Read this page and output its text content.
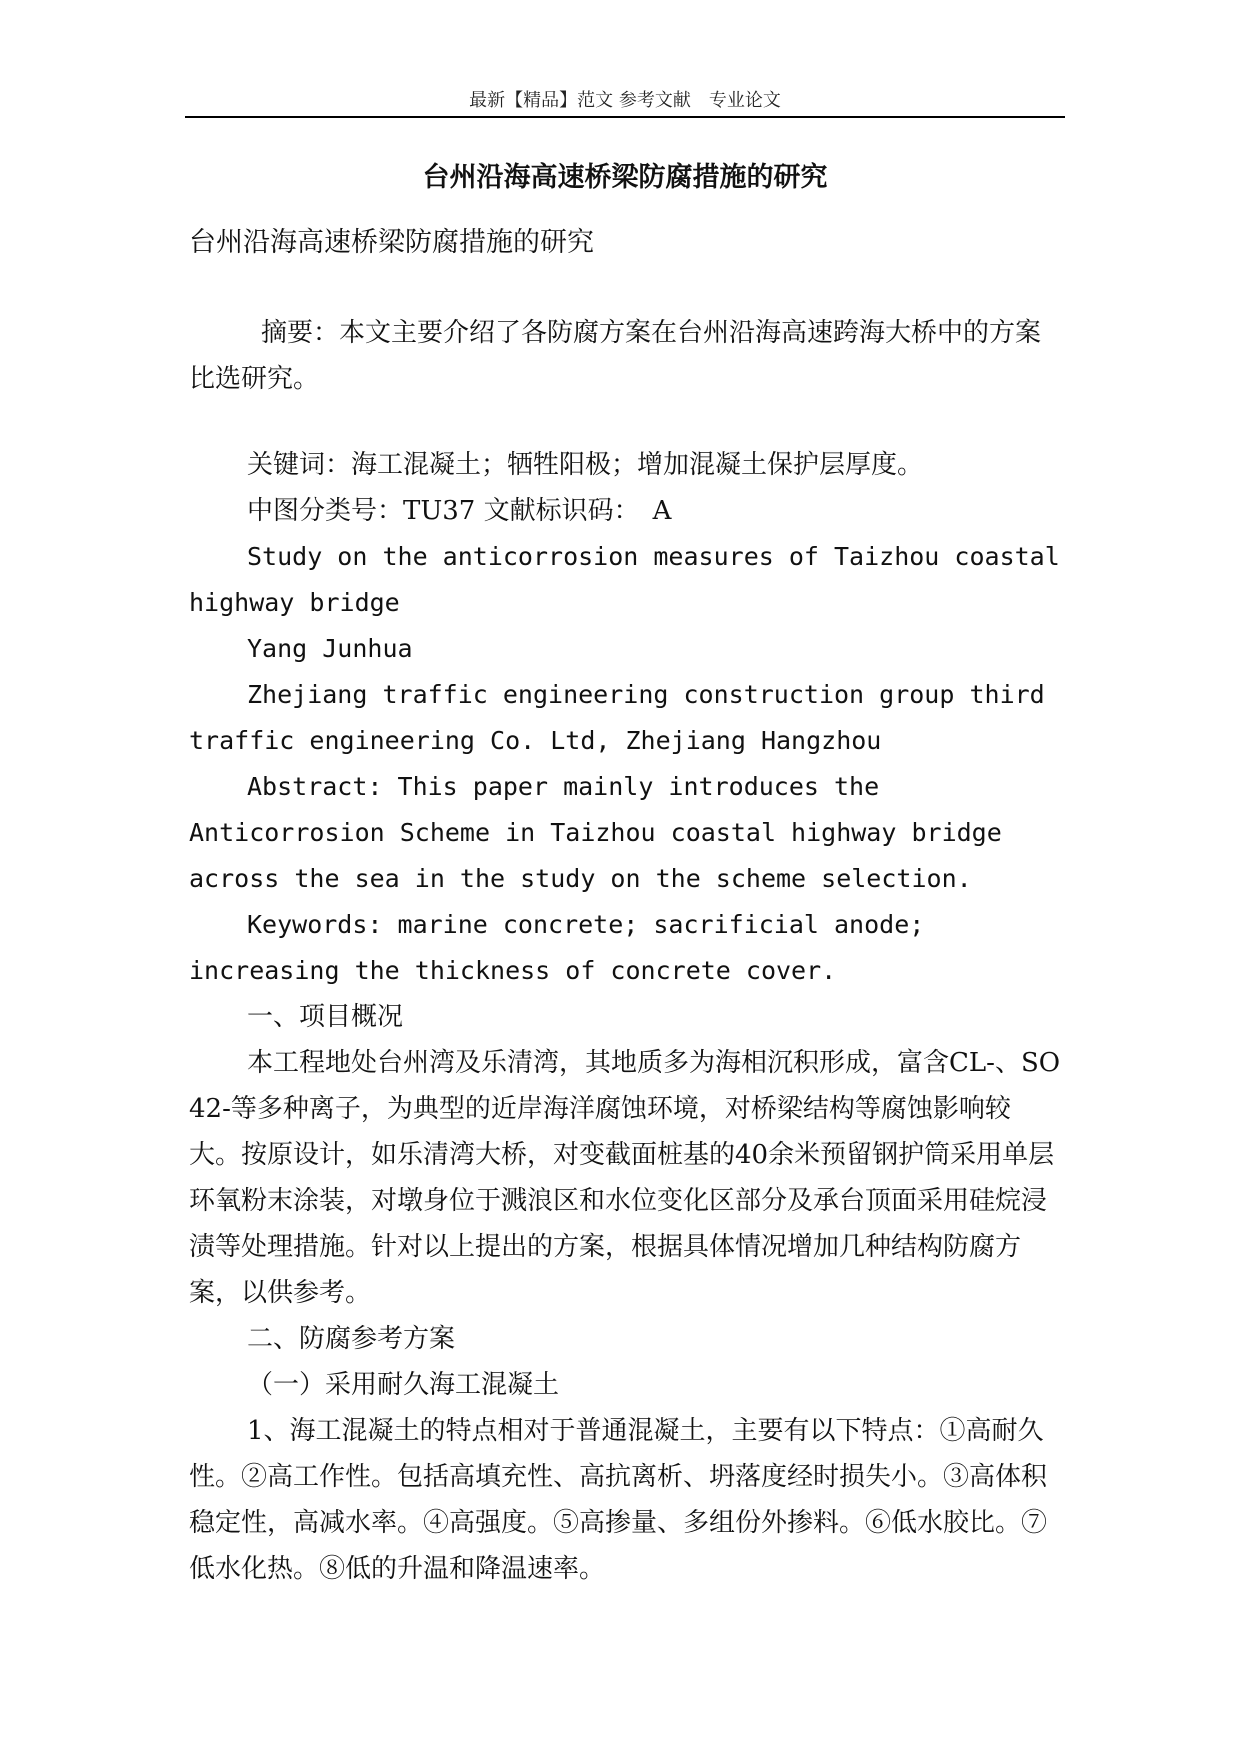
最新【精品】范文 参考文献　专业论文
台州沿海高速桥梁防腐措施的研究

台州沿海高速桥梁防腐措施的研究

摘要：本文主要介绍了各防腐方案在台州沿海高速跨海大桥中的方案比选研究。

关键词：海工混凝土；牺牲阳极；增加混凝土保护层厚度。

中图分类号：TU37 文献标识码：　A

Study on the anticorrosion measures of Taizhou coastal highway bridge

Yang Junhua

Zhejiang traffic engineering construction group third traffic engineering Co. Ltd, Zhejiang Hangzhou

Abstract: This paper mainly introduces the Anticorrosion Scheme in Taizhou coastal highway bridge across the sea in the study on the scheme selection.

Keywords: marine concrete; sacrificial anode; increasing the thickness of concrete cover.

一、项目概况

本工程地处台州湾及乐清湾，其地质多为海相沉积形成，富含CL-、SO42-等多种离子，为典型的近岸海洋腐蚀环境，对桥梁结构等腐蚀影响较大。按原设计，如乐清湾大桥，对变截面桩基的40余米预留钢护筒采用单层环氧粉末涂装，对墩身位于溅浪区和水位变化区部分及承台顶面采用硅烷浸渍等处理措施。针对以上提出的方案，根据具体情况增加几种结构防腐方案，以供参考。

二、防腐参考方案

（一）采用耐久海工混凝土

1、海工混凝土的特点相对于普通混凝土，主要有以下特点：①高耐久性。②高工作性。包括高填充性、高抗离析、坍落度经时损失小。③高体积稳定性，高减水率。④高强度。⑤高掺量、多组份外掺料。⑥低水胶比。⑦低水化热。⑧低的升温和降温速率。
